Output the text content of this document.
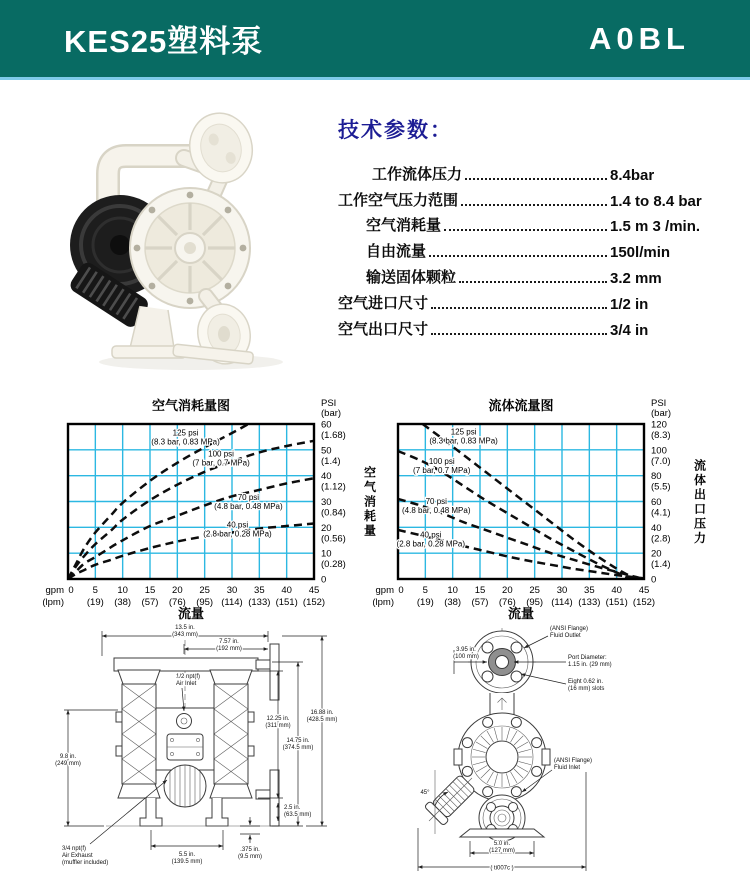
KES25塑料泵	A0BL
技术参数：
工作流体压力	8.4bar
工作空气压力范围	1.4 to 8.4 bar
空气消耗量	1.5 m 3 /min.
自由流量	150l/min
输送固体颗粒	3.2 mm
空气进口尺寸	1/2 in
空气出口尺寸	3/4 in
125 psi
(8.3 bar, 0.83 MPa)
100 psi
(7 bar, 0.7 MPa)
70 psi
(4.8 bar, 0.48 MPa)
40 psi
(2.8 bar, 0.28 MPa)
空气消耗量图	PSI
(bar)
0
10
(0.28)
20
(0.56)
30
(0.84)
40
(1.12)
50
(1.4)
60
(1.68)
gpm
(lpm)
0 5
(19)
10
(38)
15
(57)
20
(76)
25
(95)
30
(114)
35
(133)
40
(151)
45
(152)
流量
空
气
消
耗
量
125 psi
(8.3 bar, 0.83 MPa)
100 psi
(7 bar, 0.7 MPa)
70 psi
(4.8 bar, 0.48 MPa)
40 psi
(2.8 bar, 0.28 MPa)
流体流量图	PSI
(bar)
0
20
(1.4)
40
(2.8)
60
(4.1)
80
(5.5)
100
(7.0)
120
(8.3)
gpm
(lpm)
0 5
(19)
10
(38)
15
(57)
20
(76)
25
(95)
30
(114)
35
(133)
40
(151)
45
(152)
流量
流
体
出
口
压
力
13.5 in. (343 mm)
7.57 in. (192 mm)
12.25 in. (311 mm)
14.75 in. (374.5 mm)
16.88 in. (428.5 mm)
9.8 in. (249 mm)
5.5 in. (139.5 mm)
.375 in. (9.5 mm)
2.5 in. (63.5 mm)
1/2 npt(f) Air Inlet
3/4 npt(f) Air Exhaust (muffler included)
45°
3.95 in. (100 mm)
(ANSI Flange) Fluid Outlet
Port Diameter: 1.15 in. (29 mm)
Eight 0.62 in. (16 mm) slots
(ANSI Flange) Fluid Inlet
5.0 in. (127 mm)
( ti007c )
